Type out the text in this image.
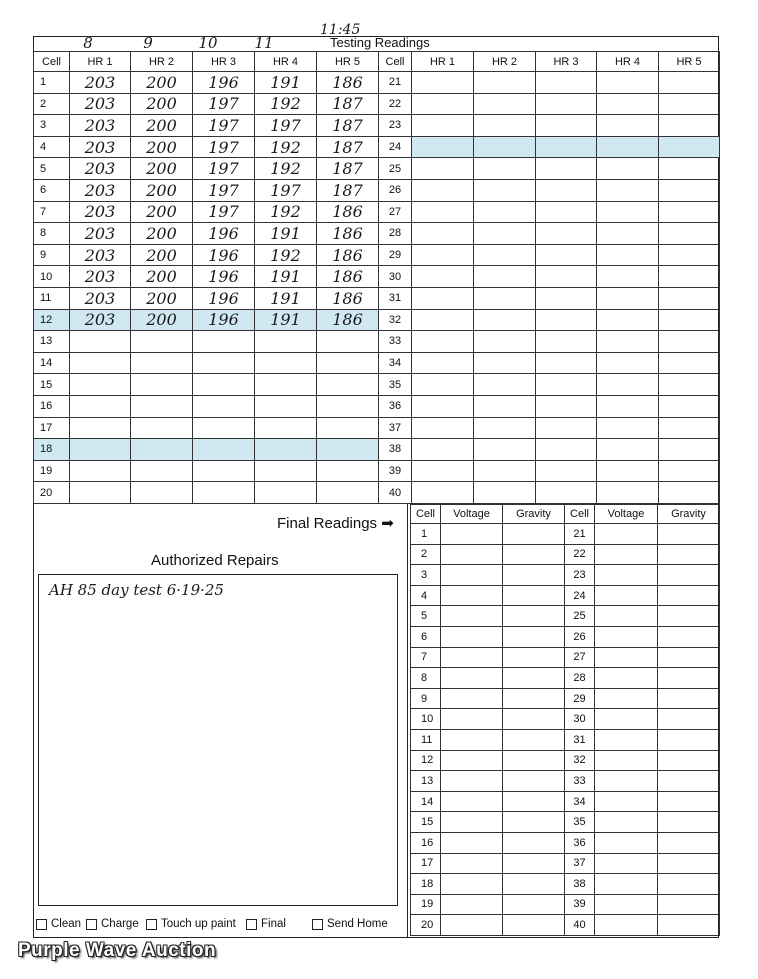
11:45
8	9	10 11	Testing Readings
Cell	HR 1	HR 2	HR 3	HR 4	HR 5	Cell	HR 1	HR 2	HR 3	HR 4	HR 5
1	203	200	196	191	186	21					
2	203	200	197	192	187	22					
3	203	200	197	197	187	23					
4	203	200	197	192	187	24					
5	203	200	197	192	187	25					
6	203	200	197	197	187	26					
7	203	200	197	192	186	27					
8	203	200	196	191	186	28					
9	203	200	196	192	186	29					
10	203	200	196	191	186	30					
11	203	200	196	191	186	31					
12	203	200	196	191	186	32					
13						33					
14						34					
15						35					
16						36					
17						37					
18						38					
19						39					
20						40					
Final Readings ➡
Cell	Voltage	Gravity	Cell	Voltage	Gravity
1			21		
2			22		
3			23		
4			24		
5			25		
6			26		
7			27		
8			28		
9			29		
10			30		
11			31		
12			32		
13			33		
14			34		
15			35		
16			36		
17			37		
18			38		
19			39		
20			40		
Authorized Repairs
AH 85 day test 6·19·25
Clean Charge Touch up paint Final	Send Home
Purple Wave Auction
